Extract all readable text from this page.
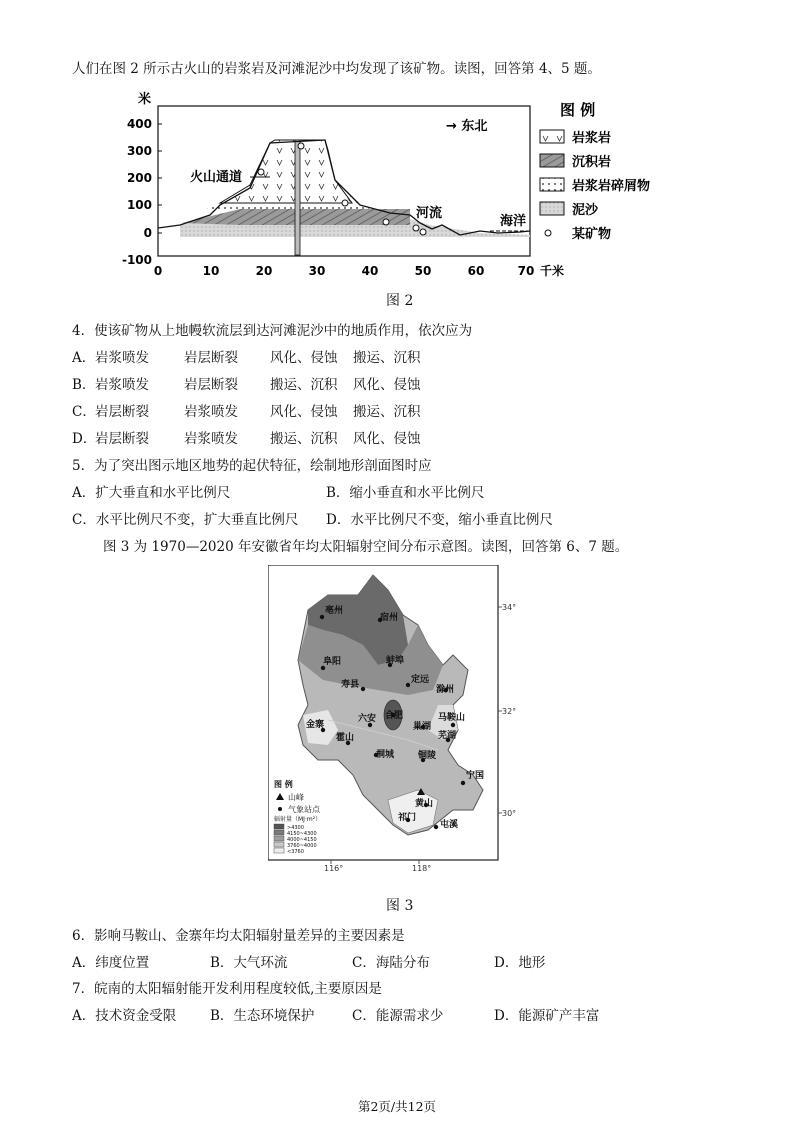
人们在图 2 所示古火山的岩浆岩及河滩泥沙中均发现了该矿物。读图，回答第 4、5 题。
米
400
300
200
100
0
-100
0	10	20	30	40	50	60	70 千米
火山通道
河流
海洋
→ 东北
图 例
岩浆岩
沉积岩
岩浆岩碎屑物
泥沙
某矿物
图 2
4．使该矿物从上地幔软流层到达河滩泥沙中的地质作用，依次应为
A． 岩浆喷发	岩层断裂 风化、侵蚀 搬运、沉积
B． 岩浆喷发	岩层断裂 搬运、沉积 风化、侵蚀
C． 岩层断裂	岩浆喷发 风化、侵蚀 搬运、沉积
D．
岩层断裂	岩浆喷发 搬运、沉积 风化、侵蚀
5．为了突出图示地区地势的起伏特征，绘制地形剖面图时应
A．扩大垂直和水平比例尺	B．缩小垂直和水平比例尺
C．水平比例尺不变，扩大垂直比例尺 D．水平比例尺不变，缩小垂直比例尺
图 3 为 1970—2020 年安徽省年均太阳辐射空间分布示意图。读图，回答第 6、7 题。
亳州
宿州
阜阳	蚌埠
寿县	定远
滁州
金寨
六安 合肥
巢湖
马鞍山
霍山	芜湖
桐城	铜陵
宁国
黄山
祁门
屯溪
图 例
山峰
气象站点
辐射量（MJ·m²）
>4300
4150~4300
4000~4150
3760~4000
<3760
34°
32°
30°
116°	118°
图 3
6．影响马鞍山、金寨年均太阳辐射量差异的主要因素是
A．纬度位置	B．大气环流	C．海陆分布	D．地形
7．皖南的太阳辐射能开发利用程度较低,主要原因是
A．技术资金受限	B．生态环境保护	C．能源需求少	D．能源矿产丰富
第2页/共12页
